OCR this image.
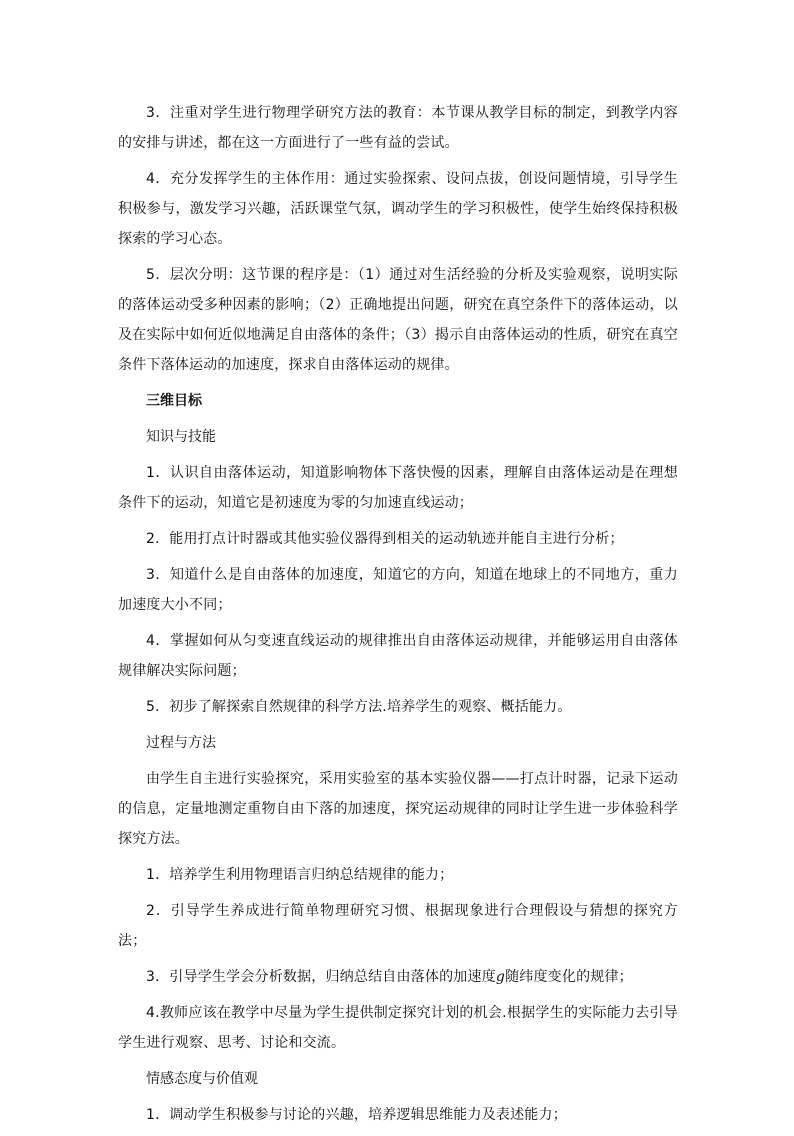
3．注重对学生进行物理学研究方法的教育：本节课从教学目标的制定，到教学内容的安排与讲述，都在这一方面进行了一些有益的尝试。

4．充分发挥学生的主体作用：通过实验探索、设问点拔，创设问题情境，引导学生积极参与，激发学习兴趣，活跃课堂气氛，调动学生的学习积极性，使学生始终保持积极探索的学习心态。

5．层次分明：这节课的程序是：（1）通过对生活经验的分析及实验观察，说明实际的落体运动受多种因素的影响；（2）正确地提出问题，研究在真空条件下的落体运动，以及在实际中如何近似地满足自由落体的条件；（3）揭示自由落体运动的性质，研究在真空条件下落体运动的加速度，探求自由落体运动的规律。

三维目标

知识与技能

1．认识自由落体运动，知道影响物体下落快慢的因素，理解自由落体运动是在理想条件下的运动，知道它是初速度为零的匀加速直线运动；

2．能用打点计时器或其他实验仪器得到相关的运动轨迹并能自主进行分析；

3．知道什么是自由落体的加速度，知道它的方向，知道在地球上的不同地方，重力加速度大小不同；

4．掌握如何从匀变速直线运动的规律推出自由落体运动规律，并能够运用自由落体规律解决实际问题；

5．初步了解探索自然规律的科学方法.培养学生的观察、概括能力。

过程与方法

由学生自主进行实验探究，采用实验室的基本实验仪器——打点计时器，记录下运动的信息，定量地测定重物自由下落的加速度，探究运动规律的同时让学生进一步体验科学探究方法。

1．培养学生利用物理语言归纳总结规律的能力；

2．引导学生养成进行简单物理研究习惯、根据现象进行合理假设与猜想的探究方法；

3．引导学生学会分析数据，归纳总结自由落体的加速度g随纬度变化的规律；

4.教师应该在教学中尽量为学生提供制定探究计划的机会.根据学生的实际能力去引导学生进行观察、思考、讨论和交流。

情感态度与价值观

1．调动学生积极参与讨论的兴趣，培养逻辑思维能力及表述能力；
